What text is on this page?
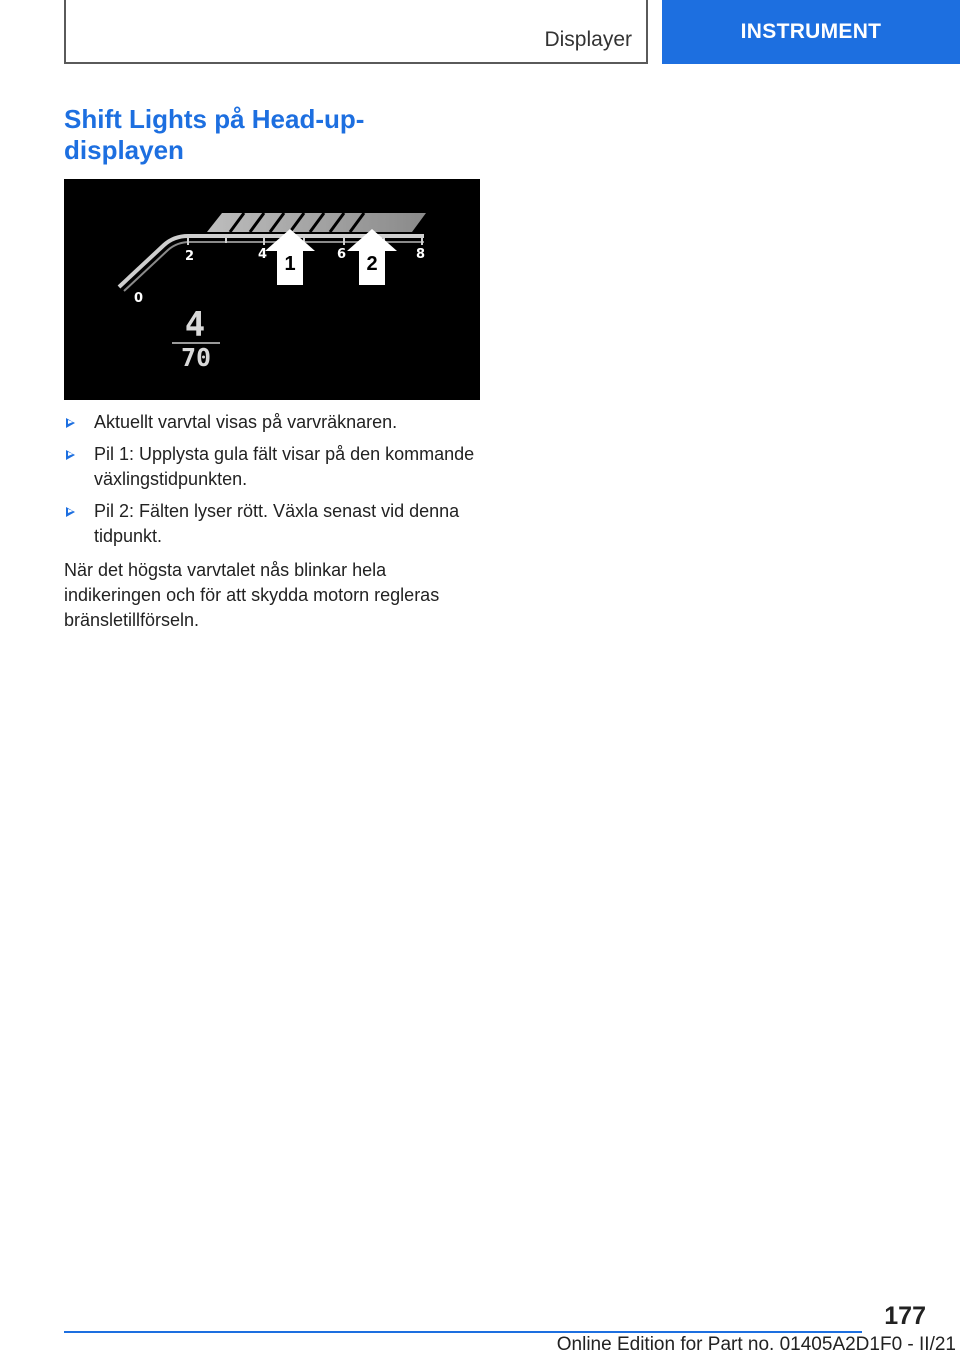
Displayer	INSTRUMENT
Shift Lights på Head-up-displayen
0
2	4	6	8
1	2
4
70
Aktuellt varvtal visas på varvräknaren.
Pil 1: Upplysta gula fält visar på den kommande växlingstidpunkten.
Pil 2: Fälten lyser rött. Växla senast vid denna tidpunkt.

När det högsta varvtalet nås blinkar hela indikeringen och för att skydda motorn regleras bränsletillförseln.

177
Online Edition for Part no. 01405A2D1F0 - II/21
